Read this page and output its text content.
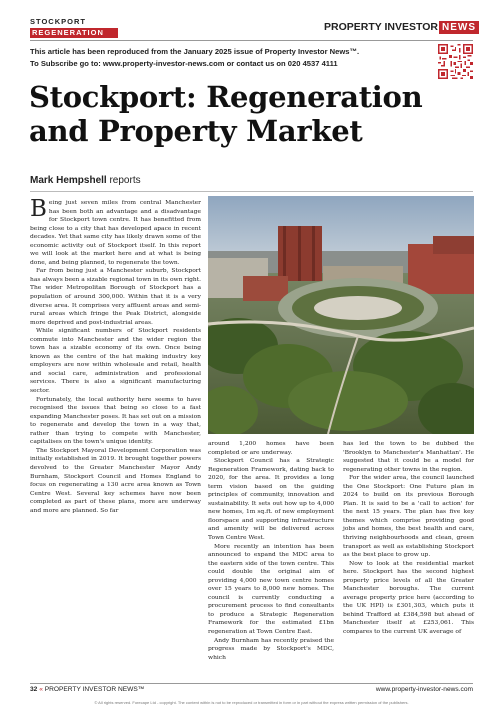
STOCKPORT
REGENERATION	PROPERTY INVESTOR NEWS
This article has been reproduced from the January 2025 issue of Property Investor News™.
To Subscribe go to: www.property-investor-news.com or contact us on 020 4537 4111
Stockport: Regeneration and Property Market
Mark Hempshell reports

Being just seven miles from central Manchester has been both an advantage and a disadvantage for Stockport town centre. It has benefitted from being close to a city that has developed apace in recent decades. Yet that same city has likely drawn some of the economic activity out of Stockport itself. In this report we will look at the market here and at what is being done, and being planned, to regenerate the town.

Far from being just a Manchester suburb, Stockport has always been a sizable regional town in its own right. The wider Metropolitan Borough of Stockport has a population of around 300,000. Within that it is a very diverse area. It comprises very affluent areas and semi-rural areas which fringe the Peak District, alongside more deprived and post-industrial areas.

While significant numbers of Stockport residents commute into Manchester and the wider region the town has a sizable economy of its own. Once being known as the centre of the hat making industry key employers are now within wholesale and retail, health and social care, administration and professional services. There is also a significant manufacturing sector.

Fortunately, the local authority here seems to have recognised the issues that being so close to a fast expanding Manchester poses. It has set out on a mission to regenerate and develop the town in a way that, rather than trying to compete with Manchester, capitalises on the town's unique identity.

The Stockport Mayoral Development Corporation was initially established in 2019. It brought together powers devolved to the Greater Manchester Mayor Andy Burnham, Stockport Council and Homes England to focus on regenerating a 130 acre area known as Town Centre West. Several key schemes have now been completed as part of these plans, more are underway and more are planned. So far

around 1,200 homes have been completed or are underway.

Stockport Council has a Strategic Regeneration Framework, dating back to 2020, for the area. It provides a long term vision based on the guiding principles of community, innovation and sustainability. It sets out how up to 4,000 new homes, 1m sq.ft. of new employment floorspace and supporting infrastructure and amenity will be delivered across Town Centre West.

More recently an intention has been announced to expand the MDC area to the eastern side of the town centre. This could double the original aim of providing 4,000 new town centre homes over 15 years to 8,000 new homes. The council is currently conducting a procurement process to find consultants to produce a Strategic Regeneration Framework for the estimated £1bn regeneration at Town Centre East.

Andy Burnham has recently praised the progress made by Stockport's MDC, which

has led the town to be dubbed the 'Brooklyn to Manchester's Manhattan'. He suggested that it could be a model for regenerating other towns in the region.

For the wider area, the council launched the One Stockport: One Future plan in 2024 to build on its previous Borough Plan. It is said to be a 'call to action' for the next 15 years. The plan has five key themes which comprise providing good jobs and homes, the best health and care, thriving neighbourhoods and clean, green transport as well as establishing Stockport as the best place to grow up.

Now to look at the residential market here. Stockport has the second highest property price levels of all the Greater Manchester boroughs. The current average property price here (according to the UK HPI) is £301,303, which puts it behind Trafford at £384,598 but ahead of Manchester itself at £253,061. This compares to the current UK average of

32 « PROPERTY INVESTOR NEWS™	www.property-investor-news.com
© All rights reserved. Forecape Ltd - copyright. The content within is not to be reproduced or transmitted in form or in part without the express written permission of the publishers.
